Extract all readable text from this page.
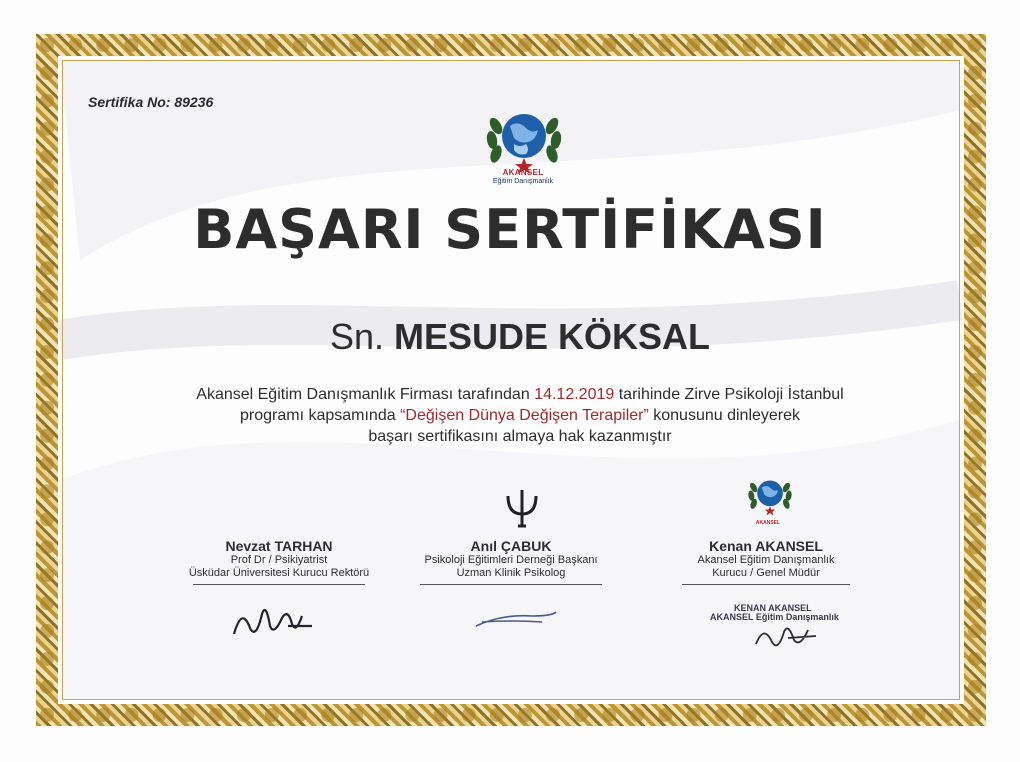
Sertifika No: 89236
AKANSEL
Eğitim Danışmanlık
BAŞARI SERTİFİKASI
Sn. MESUDE KÖKSAL
Akansel Eğitim Danışmanlık Firması tarafından 14.12.2019 tarihinde Zirve Psikoloji İstanbul
programı kapsamında “Değişen Dünya Değişen Terapiler” konusunu dinleyerek
başarı sertifikasını almaya hak kazanmıştır
AKANSEL
Nevzat TARHAN
Prof Dr / Psikiyatrist
Üsküdar Üniversitesi Kurucu Rektörü
Anıl ÇABUK
Psikoloji Eğitimleri Derneği Başkanı
Uzman Klinik Psikolog
Kenan AKANSEL
Akansel Eğitim Danışmanlık
Kurucu / Genel Müdür
KENAN AKANSEL
AKANSEL Eğitim Danışmanlık
